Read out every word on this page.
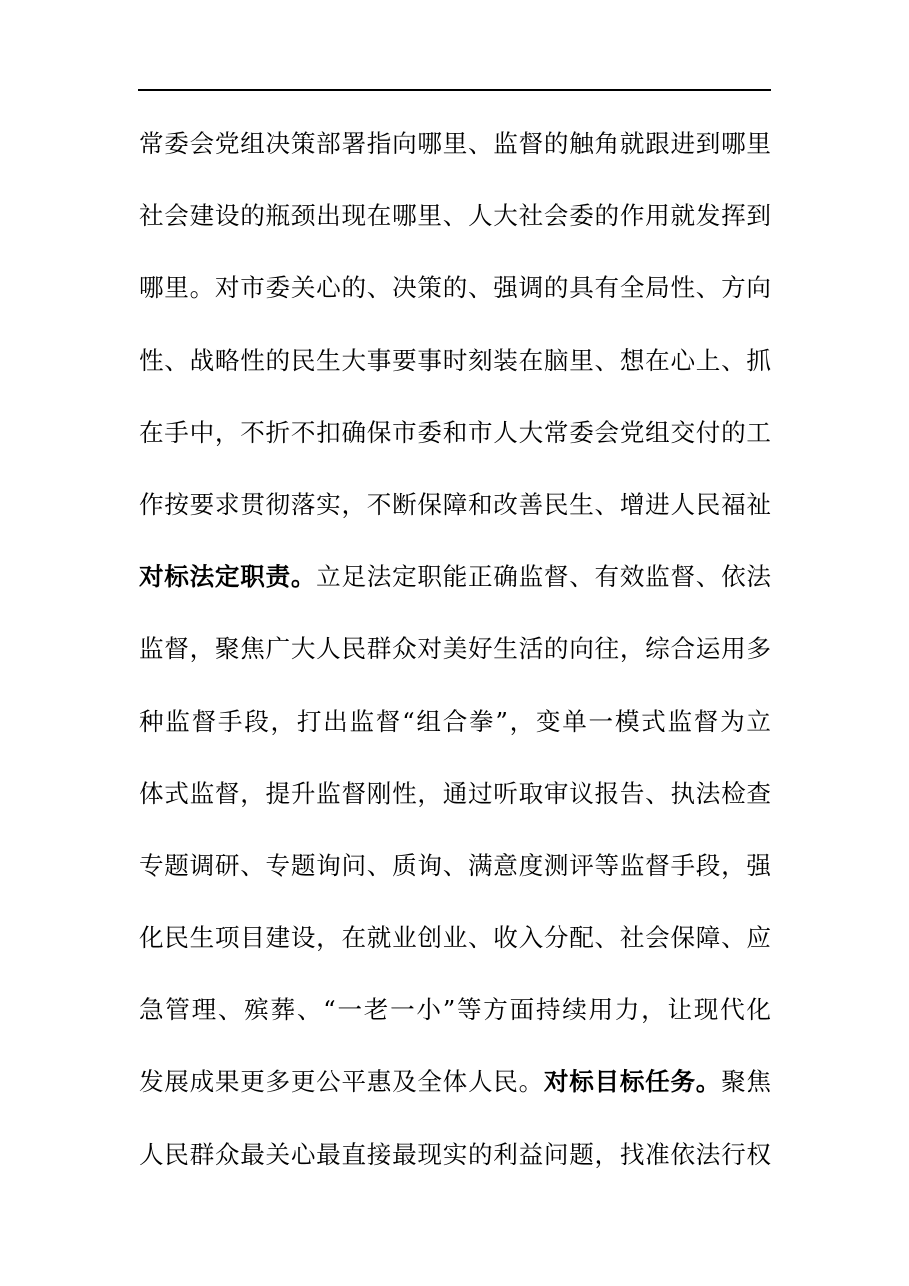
常委会党组决策部署指向哪里、监督的触角就跟进到哪里
社会建设的瓶颈出现在哪里、人大社会委的作用就发挥到
哪里。对市委关心的、决策的、强调的具有全局性、方向
性、战略性的民生大事要事时刻装在脑里、想在心上、抓
在手中，不折不扣确保市委和市人大常委会党组交付的工
作按要求贯彻落实，不断保障和改善民生、增进人民福祉
对标法定职责。立足法定职能正确监督、有效监督、依法
监督，聚焦广大人民群众对美好生活的向往，综合运用多
种监督手段，打出监督“组合拳”，变单一模式监督为立
体式监督，提升监督刚性，通过听取审议报告、执法检查
专题调研、专题询问、质询、满意度测评等监督手段，强
化民生项目建设，在就业创业、收入分配、社会保障、应
急管理、殡葬、“一老一小”等方面持续用力，让现代化
发展成果更多更公平惠及全体人民。对标目标任务。聚焦
人民群众最关心最直接最现实的利益问题，找准依法行权
